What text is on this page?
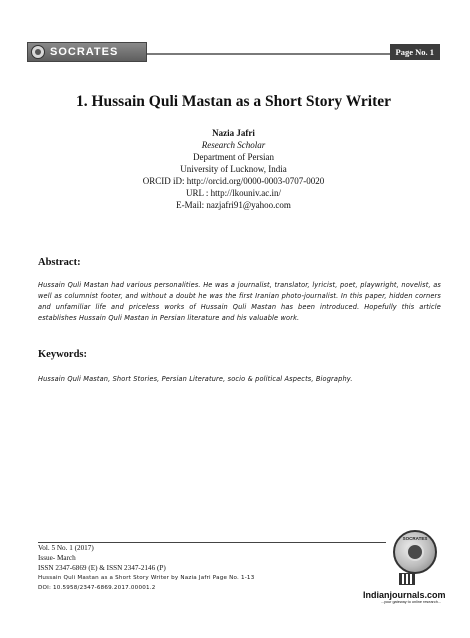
SOCRATES	Page No. 1
1. Hussain Quli Mastan as a Short Story Writer
Nazia Jafri
Research Scholar
Department of Persian
University of Lucknow, India
ORCID iD: http://orcid.org/0000-0003-0707-0020
URL : http://lkouniv.ac.in/
E-Mail: nazjafri91@yahoo.com
Abstract:

Hussain Quli Mastan had various personalities. He was a journalist, translator, lyricist, poet, playwright, novelist, as well as columnist footer, and without a doubt he was the first Iranian photo-journalist. In this paper, hidden corners and unfamiliar life and priceless works of Hussain Quli Mastan has been introduced. Hopefully this article establishes Hussain Quli Mastan in Persian literature and his valuable work.

Keywords:

Hussain Quli Mastan, Short Stories, Persian Literature, socio & political Aspects, Biography.

Vol. 5 No. 1 (2017)
Issue- March
ISSN 2347-6869 (E) & ISSN 2347-2146 (P)
Hussain Quli Mastan as a Short Story Writer by Nazia Jafri Page No. 1-13
DOI: 10.5958/2347-6869.2017.00001.2
SOCRATES
Indianjournals.com
...your gateway to online research...
